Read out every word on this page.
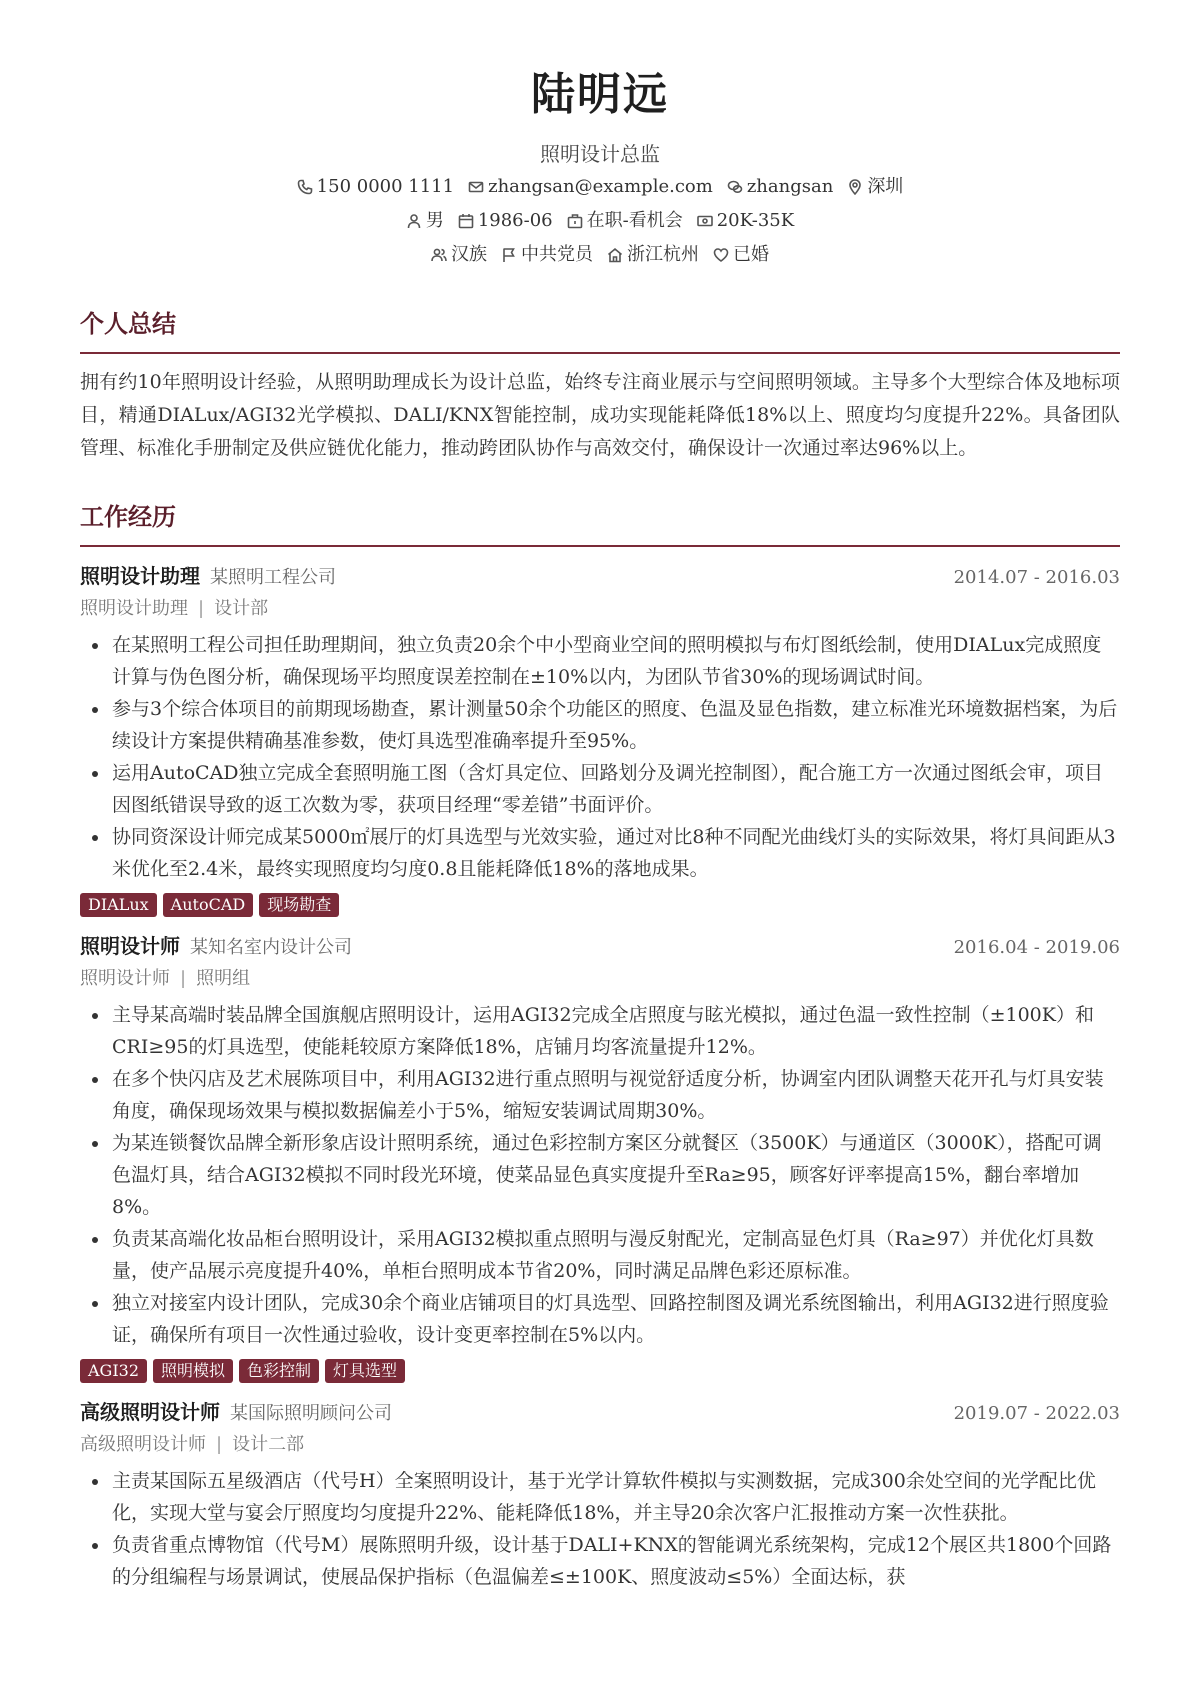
陆明远
照明设计总监
150 0000 1111 zhangsan@example.com zhangsan 深圳
男 1986-06 在职-看机会 20K-35K
汉族 中共党员 浙江杭州 已婚
个人总结
拥有约10年照明设计经验，从照明助理成长为设计总监，始终专注商业展示与空间照明领域。主导多个大型综合体及地标项目，精通DIALux/AGI32光学模拟、DALI/KNX智能控制，成功实现能耗降低18%以上、照度均匀度提升22%。具备团队管理、标准化手册制定及供应链优化能力，推动跨团队协作与高效交付，确保设计一次通过率达96%以上。
工作经历
照明设计助理 某照明工程公司	2014.07 - 2016.03
照明设计助理 | 设计部
• 在某照明工程公司担任助理期间，独立负责20余个中小型商业空间的照明模拟与布灯图纸绘制，使用DIALux完成照度计算与伪色图分析，确保现场平均照度误差控制在±10%以内，为团队节省30%的现场调试时间。
• 参与3个综合体项目的前期现场勘查，累计测量50余个功能区的照度、色温及显色指数，建立标准光环境数据档案，为后续设计方案提供精确基准参数，使灯具选型准确率提升至95%。
• 运用AutoCAD独立完成全套照明施工图（含灯具定位、回路划分及调光控制图），配合施工方一次通过图纸会审，项目因图纸错误导致的返工次数为零，获项目经理“零差错”书面评价。
• 协同资深设计师完成某5000㎡展厅的灯具选型与光效实验，通过对比8种不同配光曲线灯头的实际效果，将灯具间距从3米优化至2.4米，最终实现照度均匀度0.8且能耗降低18%的落地成果。
DIALux	AutoCAD	现场勘查
照明设计师 某知名室内设计公司	2016.04 - 2019.06
照明设计师 | 照明组
• 主导某高端时装品牌全国旗舰店照明设计，运用AGI32完成全店照度与眩光模拟，通过色温一致性控制（±100K）和CRI≥95的灯具选型，使能耗较原方案降低18%，店铺月均客流量提升12%。
• 在多个快闪店及艺术展陈项目中，利用AGI32进行重点照明与视觉舒适度分析，协调室内团队调整天花开孔与灯具安装角度，确保现场效果与模拟数据偏差小于5%，缩短安装调试周期30%。
• 为某连锁餐饮品牌全新形象店设计照明系统，通过色彩控制方案区分就餐区（3500K）与通道区（3000K），搭配可调色温灯具，结合AGI32模拟不同时段光环境，使菜品显色真实度提升至Ra≥95，顾客好评率提高15%，翻台率增加8%。
• 负责某高端化妆品柜台照明设计，采用AGI32模拟重点照明与漫反射配光，定制高显色灯具（Ra≥97）并优化灯具数量，使产品展示亮度提升40%，单柜台照明成本节省20%，同时满足品牌色彩还原标准。
• 独立对接室内设计团队，完成30余个商业店铺项目的灯具选型、回路控制图及调光系统图输出，利用AGI32进行照度验证，确保所有项目一次性通过验收，设计变更率控制在5%以内。
AGI32	照明模拟	色彩控制	灯具选型
高级照明设计师 某国际照明顾问公司	2019.07 - 2022.03
高级照明设计师 | 设计二部
• 主责某国际五星级酒店（代号H）全案照明设计，基于光学计算软件模拟与实测数据，完成300余处空间的光学配比优化，实现大堂与宴会厅照度均匀度提升22%、能耗降低18%，并主导20余次客户汇报推动方案一次性获批。
• 负责省重点博物馆（代号M）展陈照明升级，设计基于DALI+KNX的智能调光系统架构，完成12个展区共1800个回路的分组编程与场景调试，使展品保护指标（色温偏差≤±100K、照度波动≤5%）全面达标，获
